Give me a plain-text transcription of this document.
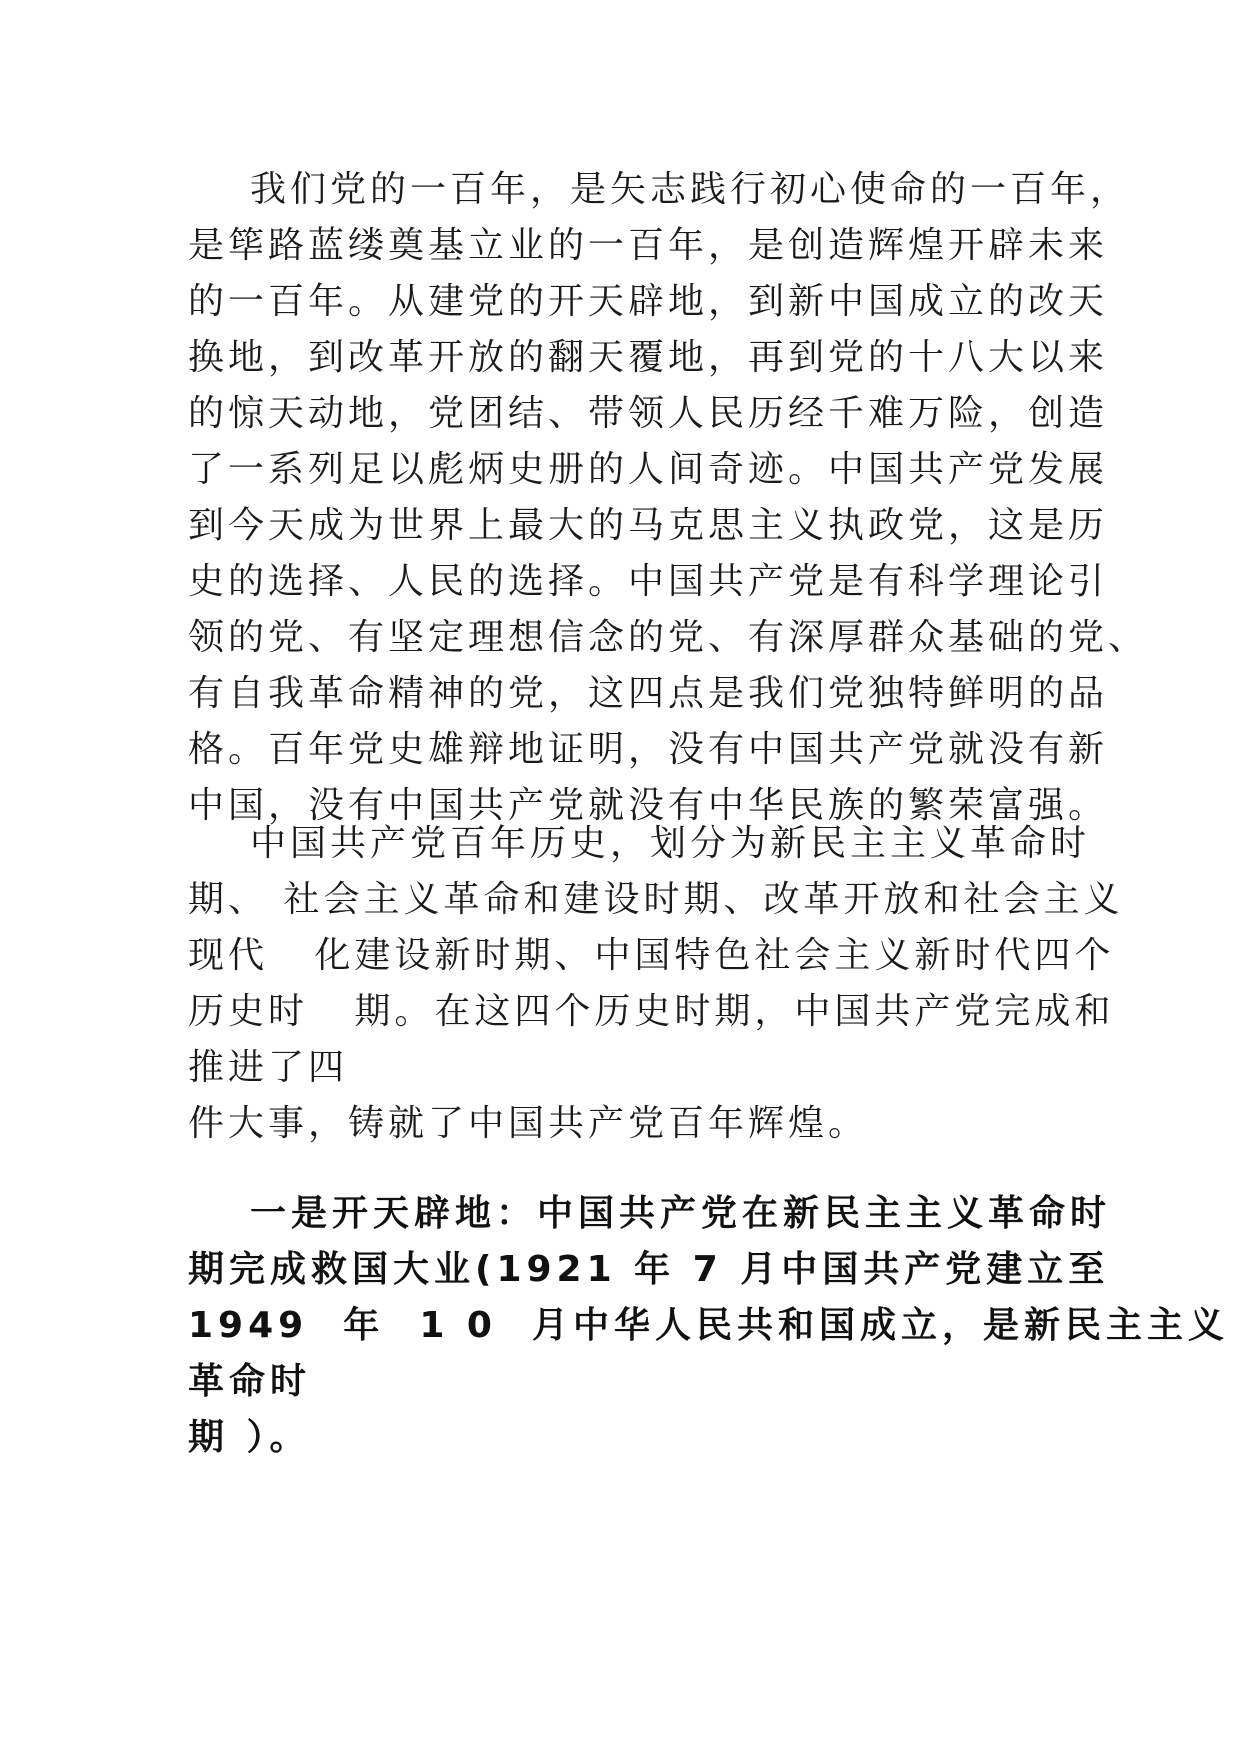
我们党的一百年，是矢志践行初心使命的一百年，
是筚路蓝缕奠基立业的一百年，是创造辉煌开辟未来
的一百年。从建党的开天辟地，到新中国成立的改天
换地，到改革开放的翻天覆地，再到党的十八大以来
的惊天动地，党团结、带领人民历经千难万险，创造
了一系列足以彪炳史册的人间奇迹。中国共产党发展
到今天成为世界上最大的马克思主义执政党，这是历
史的选择、人民的选择。中国共产党是有科学理论引
领的党、有坚定理想信念的党、有深厚群众基础的党、
有自我革命精神的党，这四点是我们党独特鲜明的品
格。百年党史雄辩地证明，没有中国共产党就没有新
中国，没有中国共产党就没有中华民族的繁荣富强。
中国共产党百年历史，划分为新民主主义革命时
期、 社会主义革命和建设时期、改革开放和社会主义
现代   化建设新时期、中国特色社会主义新时代四个
历史时   期。在这四个历史时期，中国共产党完成和
推进了四
件大事，铸就了中国共产党百年辉煌。
一是开天辟地：中国共产党在新民主主义革命时
期完成救国大业(1921 年 7 月中国共产党建立至
1949  年  1 0  月中华人民共和国成立，是新民主主义
革命时
期 ）。
